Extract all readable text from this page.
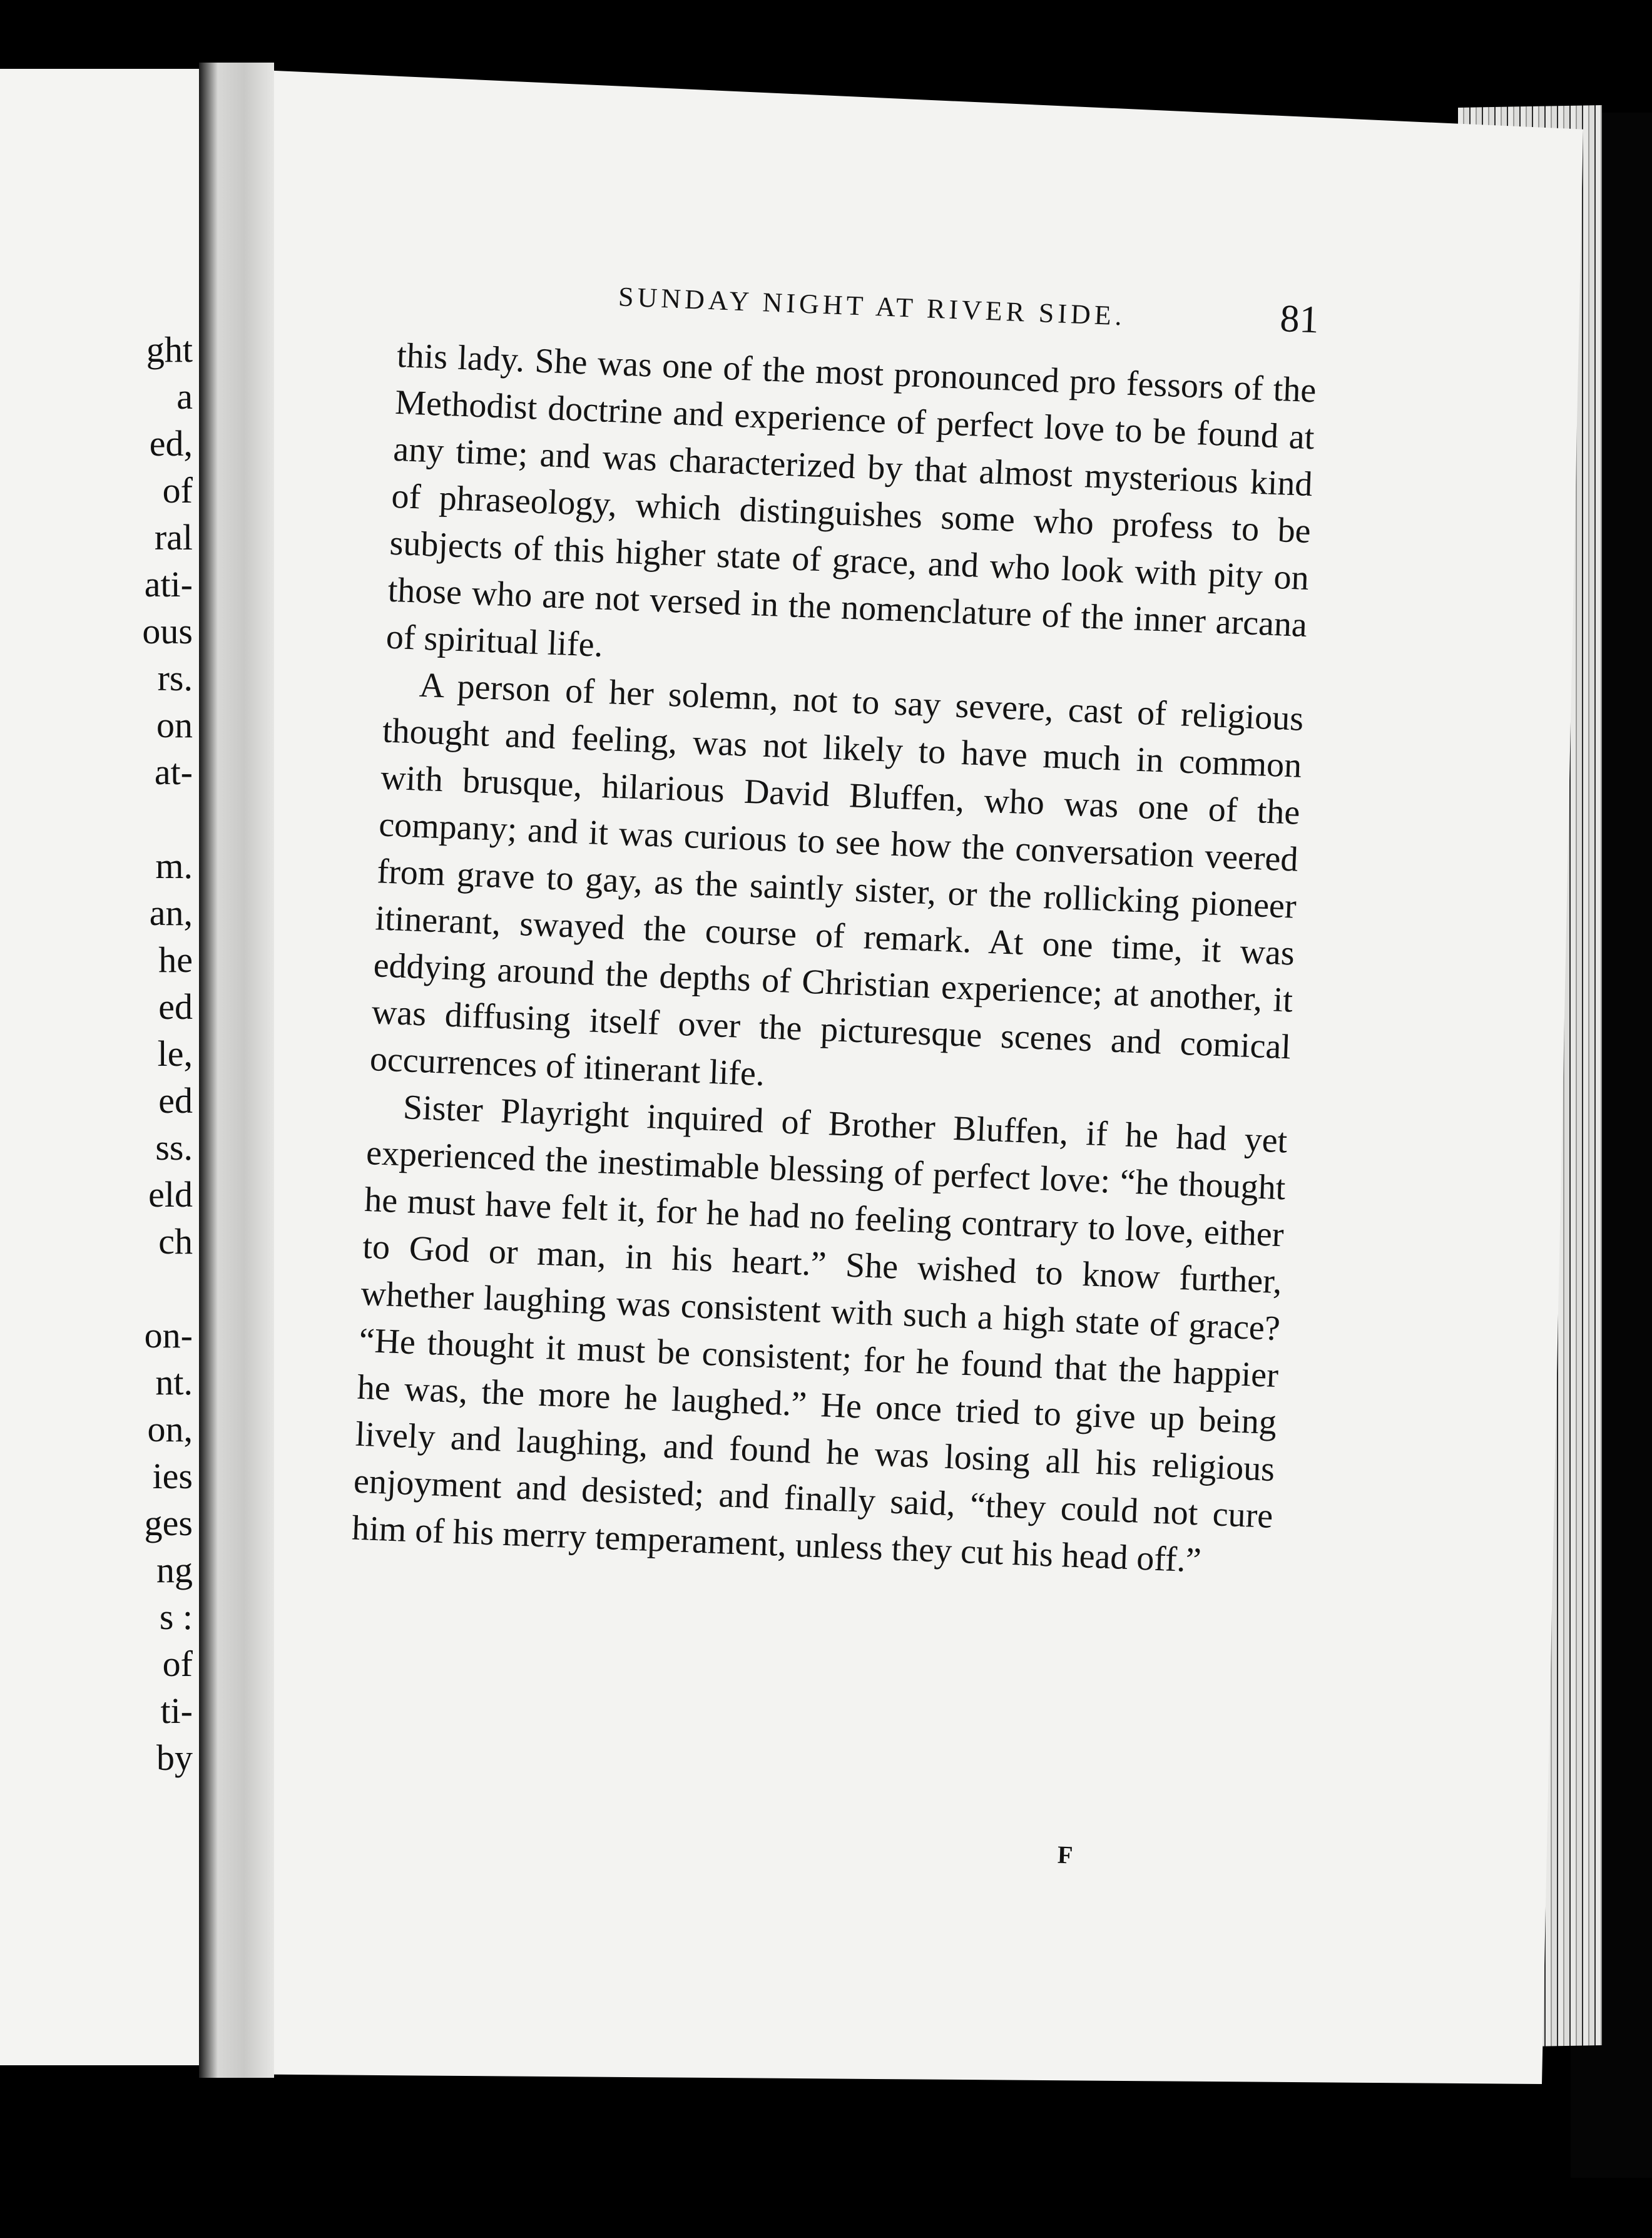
ght
a
ed,
of
ral
ati-
ous
rs.
on
at-
m.
an,
he
ed
le,
ed
ss.
eld
ch
on-
nt.
on,
ies
ges
ng
s :
of
ti-
by
SUNDAY NIGHT AT RIVER SIDE.	81

this lady. She was one of the most pronounced pro fessors of the Methodist doctrine and experience of perfect love to be found at any time; and was characterized by that almost mysterious kind of phraseology, which distinguishes some who profess to be subjects of this higher state of grace, and who look with pity on those who are not versed in the nomenclature of the inner arcana of spiritual life.

A person of her solemn, not to say severe, cast of religious thought and feeling, was not likely to have much in common with brusque, hilarious David Bluffen, who was one of the company; and it was curious to see how the conversation veered from grave to gay, as the saintly sister, or the rollicking pioneer itinerant, swayed the course of remark. At one time, it was eddying around the depths of Christian experience; at another, it was diffusing itself over the picturesque scenes and comical occurrences of itinerant life.

Sister Playright inquired of Brother Bluffen, if he had yet experienced the inestimable blessing of perfect love: “he thought he must have felt it, for he had no feeling contrary to love, either to God or man, in his heart.” She wished to know further, whether laughing was consistent with such a high state of grace? “He thought it must be consistent; for he found that the happier he was, the more he laughed.” He once tried to give up being lively and laughing, and found he was losing all his religious enjoyment and desisted; and finally said, “they could not cure him of his merry temperament, unless they cut his head off.”

F
